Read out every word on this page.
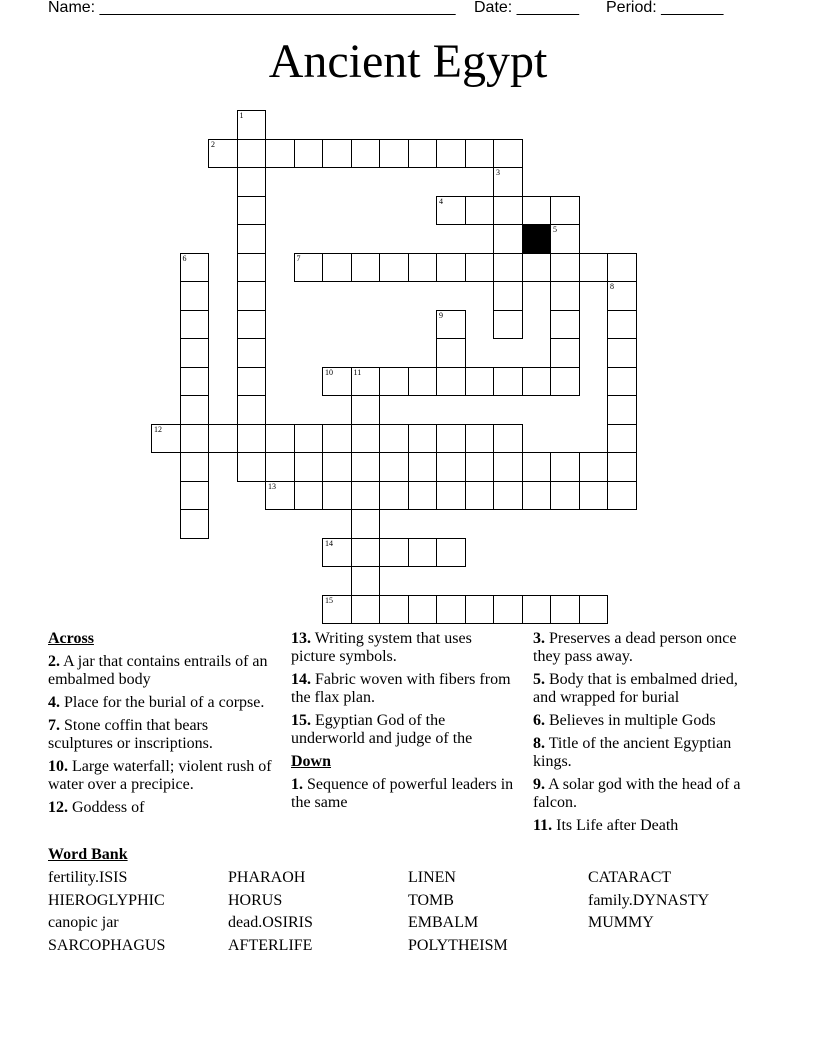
Name: ________________________________________ Date: _______ Period: _______
Ancient Egypt
1
2
3
4
5
6	7
8
9
10	11
12
13
14
15
Across
2. A jar that contains entrails of an embalmed body
4. Place for the burial of a corpse.
7. Stone coffin that bears sculptures or inscriptions.
10. Large waterfall; violent rush of water over a precipice.
12. Goddess of
13. Writing system that uses picture symbols.
14. Fabric woven with fibers from the flax plan.
15. Egyptian God of the underworld and judge of the
Down
1. Sequence of powerful leaders in the same
3. Preserves a dead person once they pass away.
5. Body that is embalmed dried, and wrapped for burial
6. Believes in multiple Gods
8. Title of the ancient Egyptian kings.
9. A solar god with the head of a falcon.
11. Its Life after Death
Word Bank
fertility.ISIS	PHARAOH	LINEN	CATARACT
HIEROGLYPHIC	HORUS	TOMB	family.DYNASTY
canopic jar	dead.OSIRIS	EMBALM	MUMMY
SARCOPHAGUS	AFTERLIFE	POLYTHEISM
